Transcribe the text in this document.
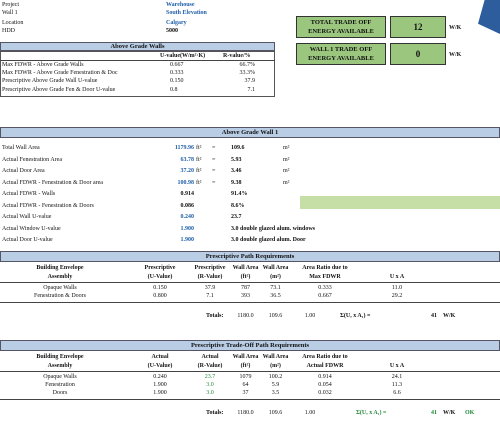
Project	Warehouse
Wall 1	South Elevation
Location	Calgary
HDD	5000
TOTAL TRADE OFF
ENERGY AVAILABLE	12	W/K
WALL 1 TRADE OFF
ENERGY AVAILABLE	0	W/K
Above Grade Walls
U-value(W/m²·K)	R-value/%
Max FDWR - Above Grade Walls	0.667	66.7%
Max FDWR - Above Grade Fenestration & Doc	0.333	33.3%
Prescriptive Above Grade Wall U-value	0.150	37.9
Prescriptive Above Grade Fen & Door U-value	0.8	7.1
Above Grade Wall 1
Total Wall Area	1179.96 ft² =	109.6	m²
Actual Fenestration Area	63.78 ft² =	5.93	m²
Actual Door Area	37.20 ft² =	3.46	m²
Actual FDWR - Fenestration & Door area	100.98 ft² =	9.38	m²
Actual FDWR - Walls	0.914	91.4%
Actual FDWR - Fenestration & Doors	0.086	8.6%
Actual Wall U-value	0.240	23.7
Actual Window U-value	1.900	3.0 double glazed alum. windows
Actual Door U-value	1.900	3.0 double glazed alum. Door
Prescriptive Path Requirements
Building Envelope	Prescriptive	Prescriptive	Wall Area Wall Area	Area Ratio due to
Assembly	(U-Value)	(R-Value)	(ft²)	(m²)	Max FDWR	U x A
Opaque Walls	0.150	37.9	787	73.1	0.333	11.0
Fenestration & Doors	0.800	7.1	393	36.5	0.667	29.2
Totals:	1180.0	109.6	1.00	Σ(U, x A₁) =	41 W/K
Prescriptive Trade-Off Path Requirements
Building Envelope	Actual	Actual	Wall Area Wall Area	Area Ratio due to
Assembly	(U-Value)	(R-Value)	(ft²)	(m²)	Actual FDWR	U x A
Opaque Walls	0.240	23.7	1079	100.2	0.914	24.1
Fenestration	1.900	3.0	64	5.9	0.054	11.3
Doors	1.900	3.0	37	3.5	0.032	6.6
Totals:	1180.0	109.6	1.00	Σ(U, x A₁) =	41 W/K OK
